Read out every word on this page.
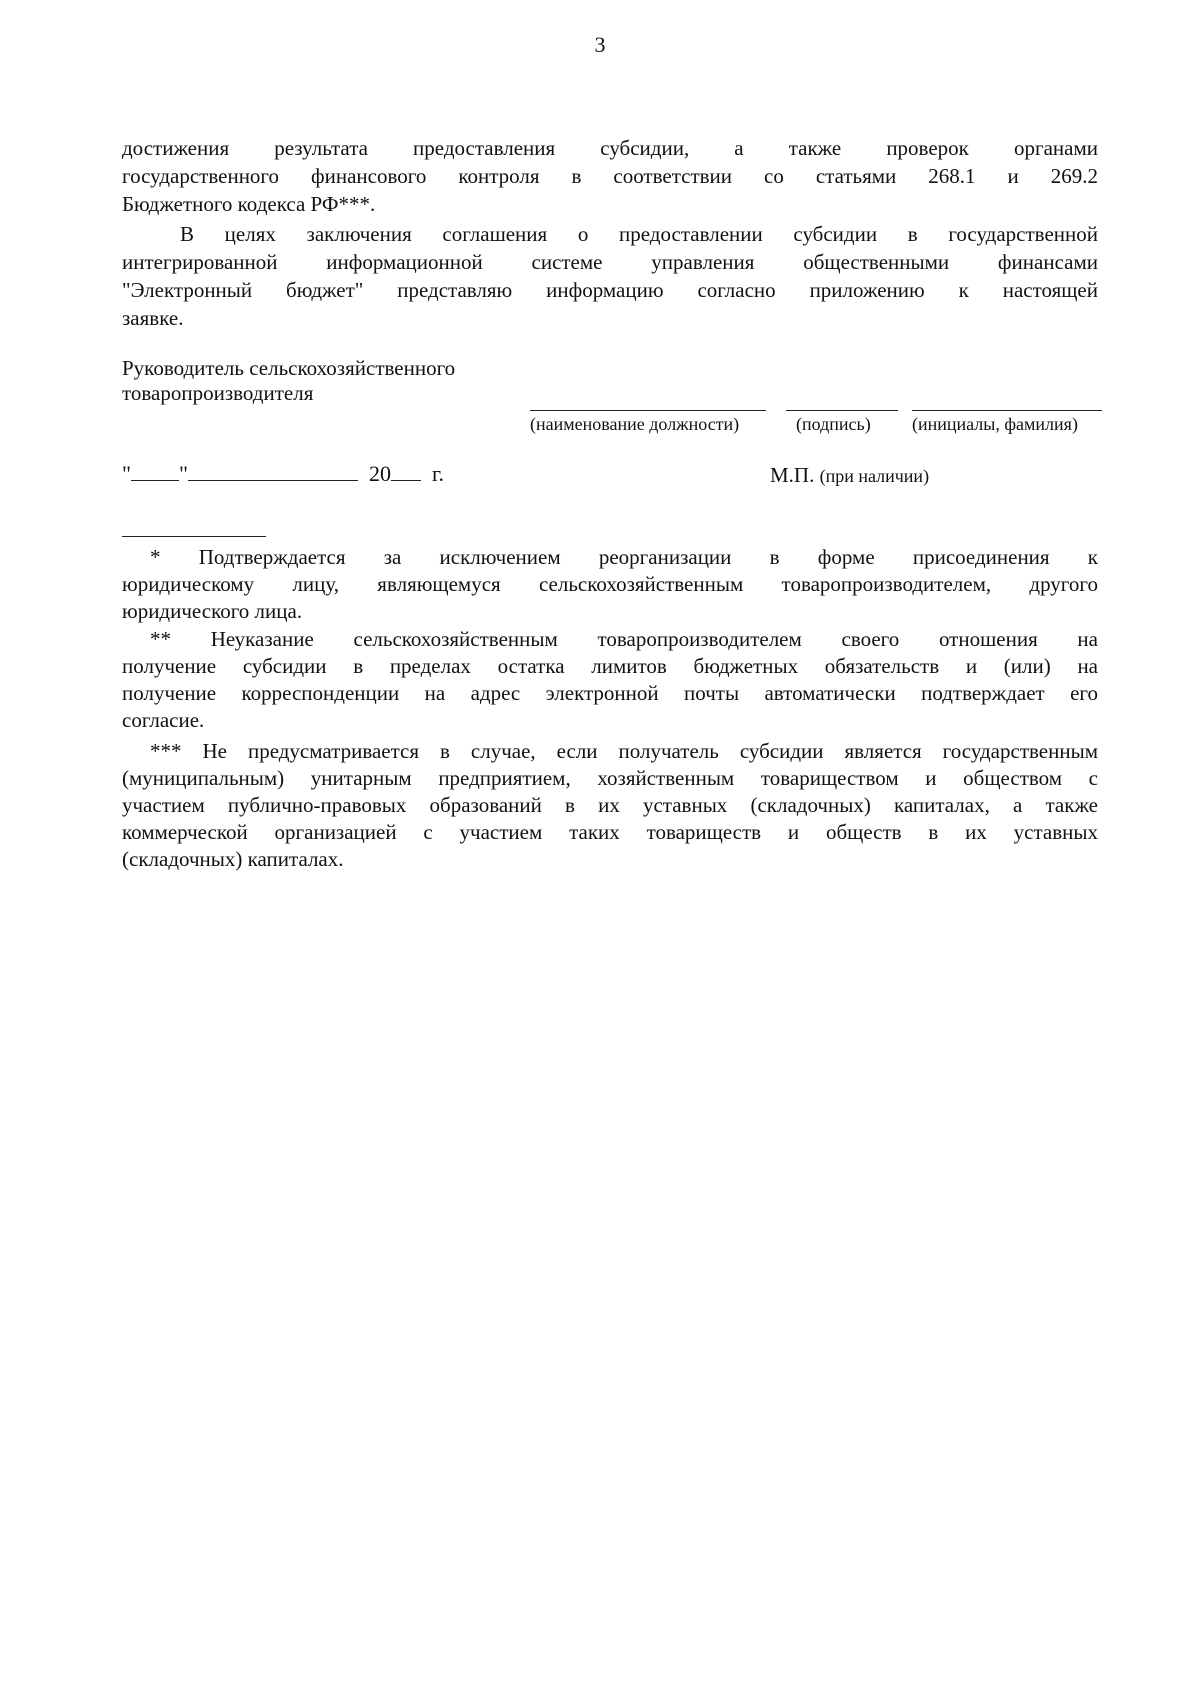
3

достижения результата предоставления субсидии, а также проверок органами

государственного финансового контроля в соответствии со статьями 268.1 и 269.2

Бюджетного кодекса РФ***.

В целях заключения соглашения о предоставлении субсидии в государственной

интегрированной информационной системе управления общественными финансами

"Электронный бюджет" представляю информацию согласно приложению к настоящей

заявке.

Руководитель сельскохозяйственного
товаропроизводителя
(наименование должности)	(подпись) (инициалы, фамилия)
" "	20 г.	М.П. (при наличии)

* Подтверждается за исключением реорганизации в форме присоединения к

юридическому лицу, являющемуся сельскохозяйственным товаропроизводителем, другого

юридического лица.

** Неуказание сельскохозяйственным товаропроизводителем своего отношения на

получение субсидии в пределах остатка лимитов бюджетных обязательств и (или) на

получение корреспонденции на адрес электронной почты автоматически подтверждает его

согласие.

*** Не предусматривается в случае, если получатель субсидии является государственным

(муниципальным) унитарным предприятием, хозяйственным товариществом и обществом с

участием публично-правовых образований в их уставных (складочных) капиталах, а также

коммерческой организацией с участием таких товариществ и обществ в их уставных

(складочных) капиталах.
